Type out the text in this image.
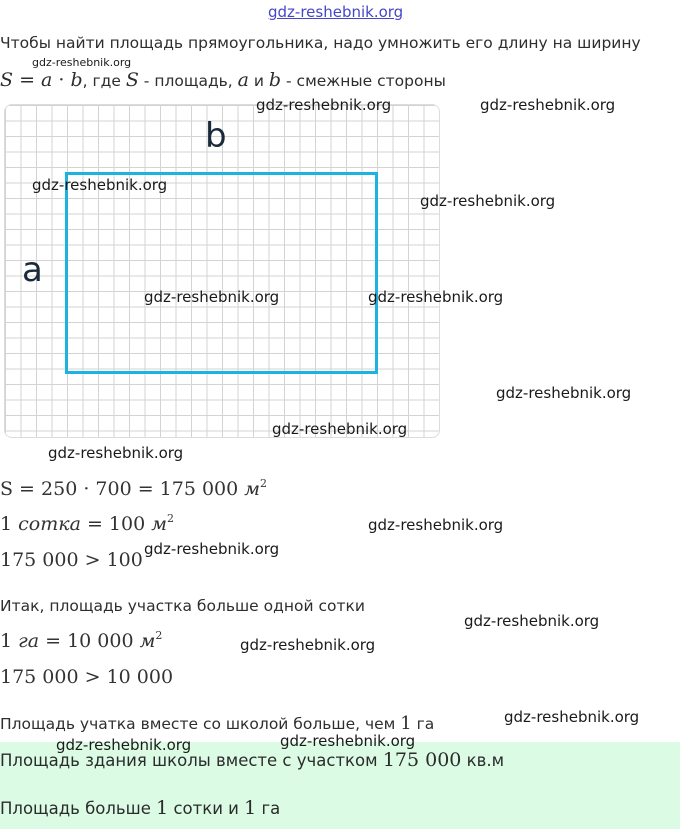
gdz-reshebnik.org
Чтобы найти площадь прямоугольника, надо умножить его длину на ширину
S = a · b, где S - площадь, a и b - смежные стороны
b
a
S = 250 · 700 = 175 000 $м^2$
1 сотка = 100 $м^2$
175 000 > 100
Итак, площадь участка больше одной сотки
1 га = 10 000 $м^2$
175 000 > 10 000
Площадь учатка вместе со школой больше, чем 1 га
Площадь здания школы вместе с участком 175 000 кв.м
Площадь больше 1 сотки и 1 га
gdz-reshebnik.org
gdz-reshebnik.org	gdz-reshebnik.org
gdz-reshebnik.org
gdz-reshebnik.org
gdz-reshebnik.org	gdz-reshebnik.org
gdz-reshebnik.org
gdz-reshebnik.org
gdz-reshebnik.org
gdz-reshebnik.org
gdz-reshebnik.org
gdz-reshebnik.org
gdz-reshebnik.org
gdz-reshebnik.org
gdz-reshebnik.org	gdz-reshebnik.org
